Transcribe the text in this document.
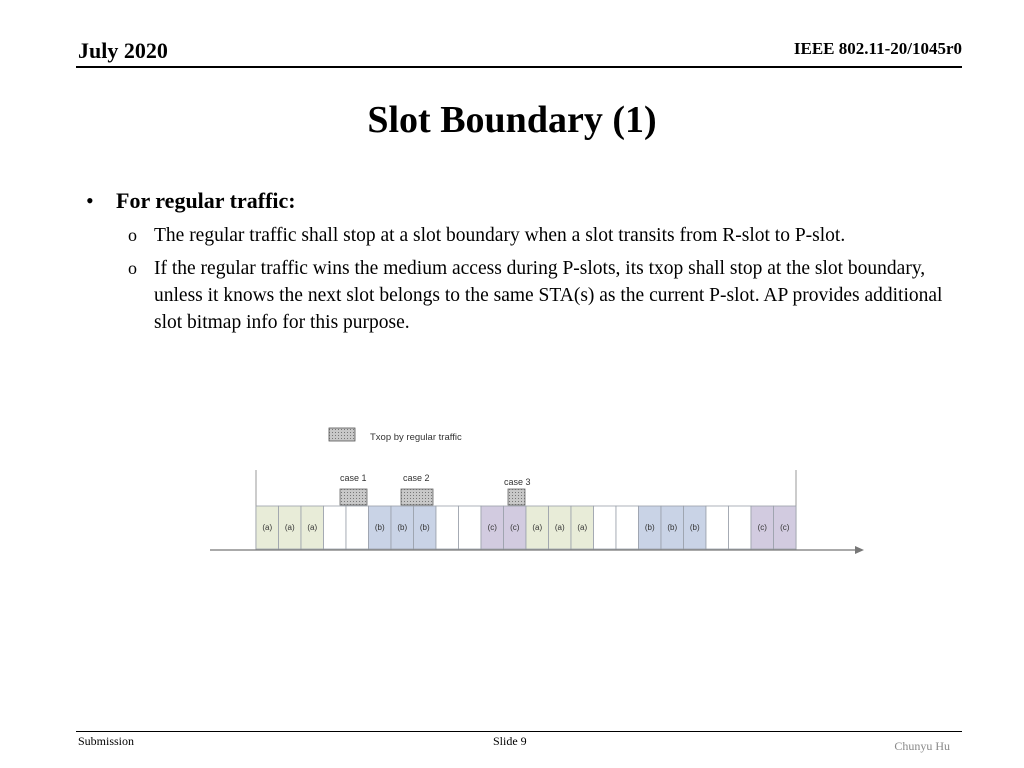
July 2020	IEEE 802.11-20/1045r0
Slot Boundary (1)
•	For regular traffic:
o The regular traffic shall stop at a slot boundary when a slot transits from R-slot to P-slot.
o If the regular traffic wins the medium access during P-slots, its txop shall stop at the slot boundary, unless it knows the next slot belongs to the same STA(s) as the current P-slot. AP provides additional slot bitmap info for this purpose.
Txop by regular traffic
case 1	case 2	case 3
(a) (a) (a)	(b) (b) (b)	(c) (c) (a) (a) (a)	(b) (b) (b)	(c) (c)
Submission	Slide 9	Chunyu Hu
